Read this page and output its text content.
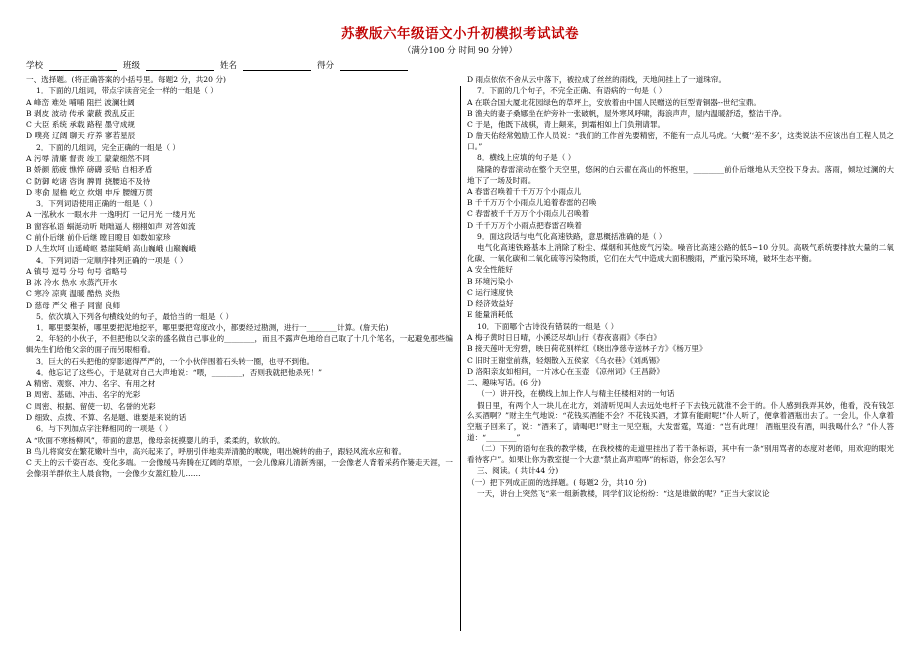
苏教版六年级语文小升初模拟考试试卷
（满分100 分 时间 90 分钟）
学校	班级	姓名	得分

一、选择题。(将正确答案的小括号里。每题2 分，共20 分)

1．下面的几组词，带点字读音完全一样的一组是（ ）

A 峰峦 难处 哺哺 阻拦 波澜壮阔

B 剥皮 波动 传承 蒙蔽 拨乱反正

C 大臣 系统 承载 路程 墨守成规

D 噗亮 辽阔 聊天 疗养 寥若星辰

2．下面的几组词，完全正确的一组是（ ）

A 污辱 清廉 督责 竣工 蒙蒙细然不同

B 娇颜 筋疲 憔悴 磅礴 妥贴 自相矛盾

C 防御 屹诸 咨询 脾胃 挠腰追不及待

D 枣俞 屋檐 屹立 炊烟 申斥 腰缠万贯

3．下列词语使用正确的一组是（ ）

A 一泓秋水 一眼水井 一逸明灯 一记月光 一缕月光

B 窗容私语 蜗涎动听 咄咄逼人 栩栩如声 对答如流

C 前仆后继 前仆后继 瞠目瞪目 如数如家珍

D 人生坎坷 山遥崎岖 悬崖陡峭 高山巍峨 山巅巍峨

4．下列词语一定顺序排列正确的一项是（ ）

A 镇号 逗号 分号 句号 省略号

B 冰 冷水 热水 水蒸汽开水

C 寒冷 凉爽 温暖 酷热 炎热

D 慈母 严父 稚子 同窗 良师

5．依次填入下列各句横线处的句子，最恰当的一组是（ ）

1．哪里要架桥，哪里要把泥地挖平，哪里要把弯度改小，都要经过勘测，进行一________计算。(詹天佑)

2．年轻的小伙子，不但把他以父亲的盛名做自己事业的________，而且不露声色地给自己取了十几个笔名，一起避免那些编辑先生们给他父亲的面子而另眼相看。

3．巨大的石头把他的穿影遮得严严的，一个小伙伴围着石头转一圈，也寻不到他。

4．他忘记了这些心，于是就对自己大声地说：“喂，________，否则我就把他杀死！”

A 精密、观察、冲力、名字、有用之材

B 周密、基础、冲击、名字的光彩

C 周密、根据、留使一切、名誉的光彩

D 细致、点拨、不算、名是题、谁要是来说的话

6．与下列加点字注释相同的一项是（ ）

A “吹面不寒杨柳风”，带面的意思，像母亲抚摸婴儿的手，柔柔的，软软的。

B 鸟儿将窝安在繁花嫩叶当中，高兴起来了，呼朋引伴地卖弄清脆的喉咙，唱出婉转的曲子，跟轻风流水应和着。

C 天上的云千姿百态、变化多端。一会像缓马奔腾在辽阔的草原，一会儿像麻儿清新秀丽，一会像老人背着采药作篓走天涯，一会像羽羊群依主人晨食物，一会像少女蓋红脸儿……

D 雨点依依不舍从云中落下，被拉成了丝丝的雨线，天地间挂上了一道珠帘。

7．下面的几个句子，不完全正确、有语病的一句是（ ）

A 在联合国大厦北花园绿色的草坪上，安放着由中国人民赠送的巨型青铜器--世纪宝鼎。

B 渔夫的妻子桑娜坐在炉旁补一张破帆，屋外寒风呼啸，海浪声声，屋内温暖舒适，整洁干净。

C 于是，他既下战棋，青上颠来，到霜相如上门负荆请罪。

D 詹天佑经常勉励工作人员说：“我们的工作首先要精密，不能有一点儿马虎。‘大概’‘差不多’，这类说法不应该出自工程人员之口。”

8．横线上应填的句子是（ ）

隆隆的春雷滚动在整个天空里，悠闲的白云翟在高山的怀抱里，________前仆后继地从天空投下身去。落雨，倾垃过澜的大地下了一场及时雨。

A 春雷召唤着千千万万个小雨点儿

B 千千万万个小雨点儿追着春雷的召唤

C 春雷被千千万万个小雨点儿召唤着

D 千千万万个小雨点把春雷召唤着

9．面这段话与电气化高速铁路，意思概括准确的是（ ）

电气化高速铁路基本上消除了粉尘、煤烟和其他废气污染。噪音比高速公路的低5~10 分贝。高吸气系统要排放大量的二氧化碳、一氧化碳和二氧化硫等污染物质，它们在大气中造成大面积酸雨，严重污染环境，破坏生态平衡。

A 安全性能好

B 环境污染小

C 运行速度快

D 经济效益好

E 能量消耗低

10．下面哪个古诗没有错误的一组是（ ）

A 梅子黄时日日晴，小溪泛尽却山行《春夜喜雨》《李白》

B 接天莲叶无穷碧，映日荷花别样红《晓出净慈寺送林子方》《杨万里》

C 旧时王谢堂前燕，轻烟散入五侯家 《乌衣巷》《刘禹锡》

D 洛阳亲友如相问，一片冰心在玉壶 《凉州词》《王昌龄》

二、趣味写话。(6 分)

（一）讲开投，在横线上加上作人与精主任楼相对的一句话

假日里，有两个人一块儿在北方，刘清听见叫人去远处电杆子下去钱元就准不会干的。仆人感到我弄其妙，他看，没有钱怎么买酒啊？”财主生气地说：“花钱买酒能不会？不花钱买酒，才算有能耐呢!”仆人听了，便拿着酒瓶出去了。一会儿，仆人拿着空瓶子回来了，说：“酒来了，请喝吧!”财主一见空瓶，大发雷霆，骂道：“岂有此理！ 酒瓶里没有酒，叫我喝什么？”仆人答道：“________”

（二）下列的语句在我的教学楼，在我校楼的走道里挂出了若干条标语，其中有一条“别用骂者的态度对老师，用欢迎的眼光看待客户”。如果让你为教室提一个大意“禁止高声喧哗”的标语，你会怎么写？

三、阅读。( 共计44 分)

（一）把下列成正面的选择题。( 每题2 分，共10 分)

一天，讲台上突然飞“来一组新教楼，同学们议论纷纷：“这是谁做的呢？”正当大家议论
